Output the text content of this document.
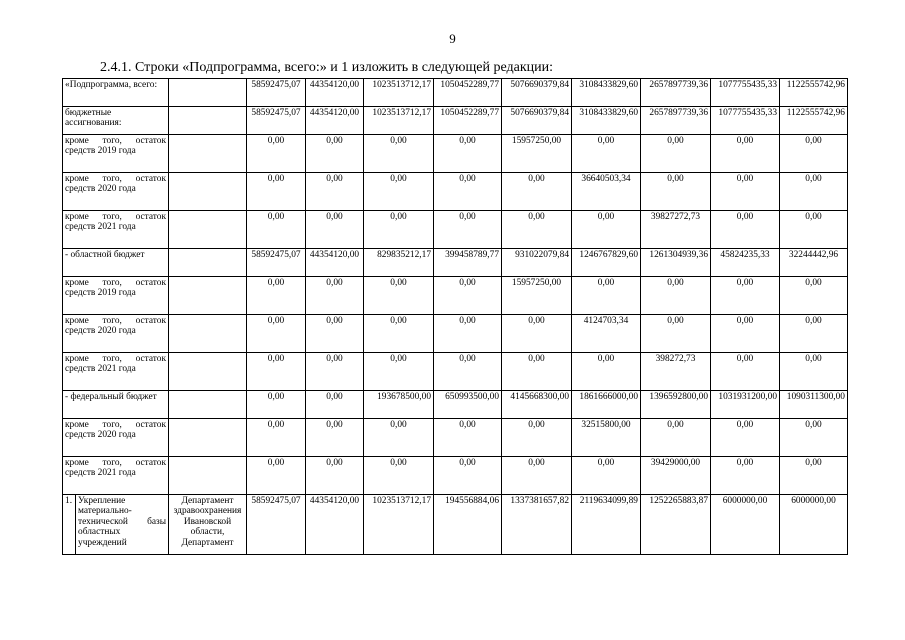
9
2.4.1. Строки «Подпрограмма, всего:» и 1 изложить в следующей редакции:
«Подпрограмма, всего:			58592475,07	44354120,00	1023513712,17	1050452289,77	5076690379,84	3108433829,60	2657897739,36	1077755435,33	1122555742,96
бюджетные ассигнования:			58592475,07	44354120,00	1023513712,17	1050452289,77	5076690379,84	3108433829,60	2657897739,36	1077755435,33	1122555742,96
кроме того, остаток средств 2019 года			0,00	0,00	0,00	0,00	15957250,00	0,00	0,00	0,00	0,00
кроме того, остаток средств 2020 года			0,00	0,00	0,00	0,00	0,00	36640503,34	0,00	0,00	0,00
кроме того, остаток средств 2021 года			0,00	0,00	0,00	0,00	0,00	0,00	39827272,73	0,00	0,00
- областной бюджет			58592475,07	44354120,00	829835212,17	399458789,77	931022079,84	1246767829,60	1261304939,36	45824235,33	32244442,96
кроме того, остаток средств 2019 года			0,00	0,00	0,00	0,00	15957250,00	0,00	0,00	0,00	0,00
кроме того, остаток средств 2020 года			0,00	0,00	0,00	0,00	0,00	4124703,34	0,00	0,00	0,00
кроме того, остаток средств 2021 года			0,00	0,00	0,00	0,00	0,00	0,00	398272,73	0,00	0,00
- федеральный бюджет			0,00	0,00	193678500,00	650993500,00	4145668300,00	1861666000,00	1396592800,00	1031931200,00	1090311300,00
кроме того, остаток средств 2020 года			0,00	0,00	0,00	0,00	0,00	32515800,00	0,00	0,00	0,00
кроме того, остаток средств 2021 года			0,00	0,00	0,00	0,00	0,00	0,00	39429000,00	0,00	0,00
1.	Укрепление материально-технической базы областных учреждений	Департамент здравоохранения Ивановской области, Департамент	58592475,07	44354120,00	1023513712,17	194556884,06	1337381657,82	2119634099,89	1252265883,87	6000000,00	6000000,00
